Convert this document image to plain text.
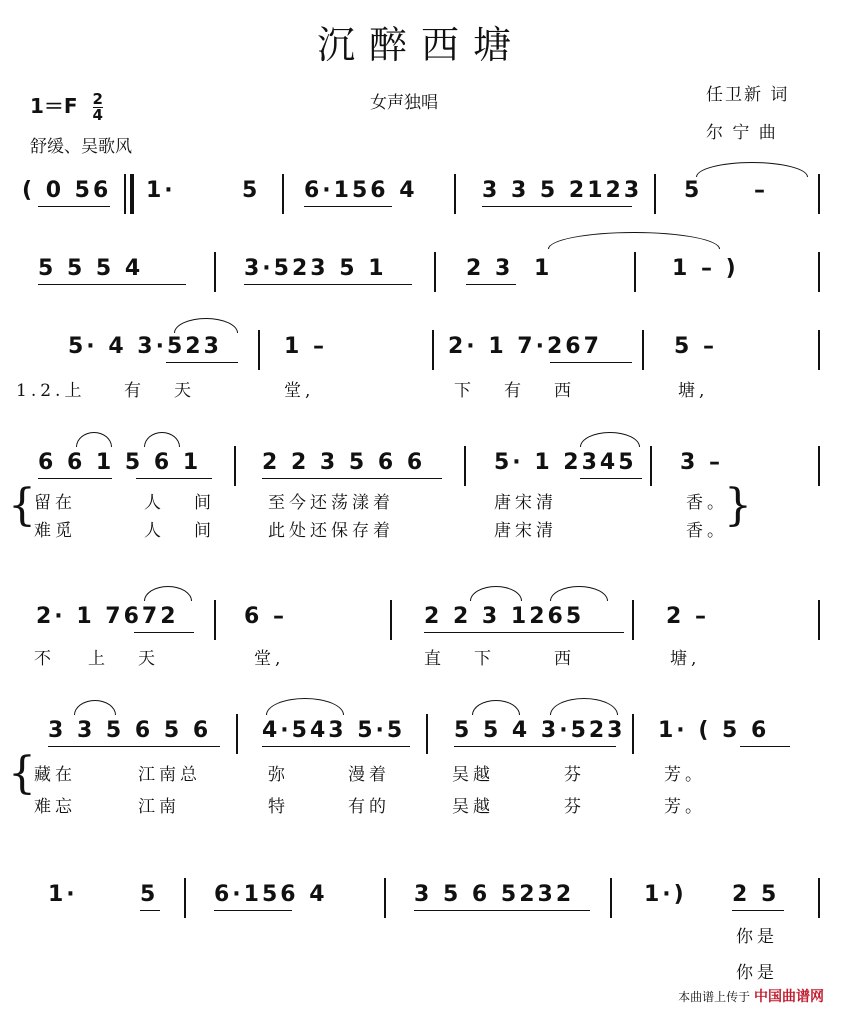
沉醉西塘
$1=F \frac{2}{4}$
舒缓、吴歌风
女声独唱	任卫新 词
尔 宁 曲
( 0 56 1·	5 6·156 4	3 3 5 2123 5 –
5 5 5 4	3·523 5 1	2 3 1	1 – )
5· 4 3·523	1 –	2· 1 7·267	5 –
1.2.上 有 天	堂,	下 有 西	塘,
6 6 1 5 6 1	2 2 3 5 6 6	5· 1 2345 3 –
{
留在	人 间	至今还荡漾着	唐宋清	香。
难觅	人 间	此处还保存着	唐宋清	香。
}
2· 1 7672	6 –	2 2 3 1265	2 –
不 上 天	堂,	直 下	西	塘,
3 3 5 6 5 6 4·543 5·5 5 5 4 3·523 1· ( 5 6
{
藏在	江南总	弥	漫着	吴越	芬	芳。
难忘	江南	特	有的	吴越	芬	芳。
1·	5	6·156 4	3 5 6 5232	1·) 2 5
你是
你是
本曲谱上传于 中国曲谱网
